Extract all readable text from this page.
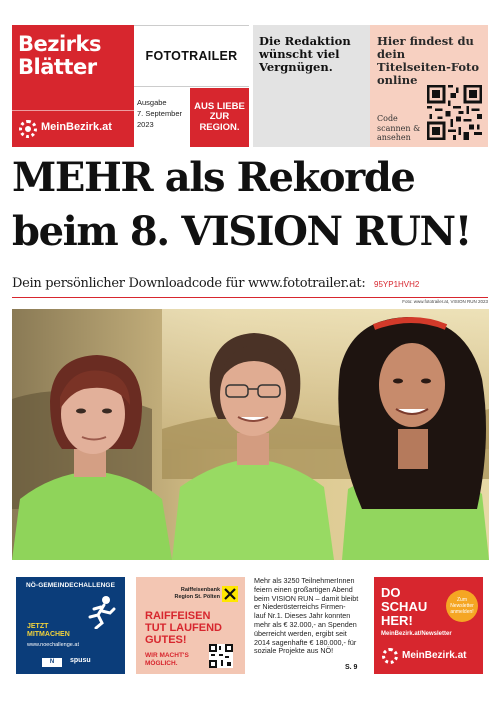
Bezirks Blätter
MeinBezirk.at
FOTOTRAILER
Ausgabe
7. September 2023
AUS LIEBE ZUR REGION.
Die Redaktion wünscht viel Vergnügen.
Hier findest du dein Titelseiten-Foto online
Code scannen & ansehen
MEHR als Rekorde
beim 8. VISION RUN!
Dein persönlicher Downloadcode für www.fototrailer.at: 95YP1HVH2
Foto: www.fototrailer.at, VISION RUN 2023
NÖ-GEMEINDECHALLENGE
JETZT
MITMACHEN
www.noechallenge.at
N	spusu
Raiffeisenbank
Region St. Pölten
RAIFFEISEN
TUT LAUFEND
GUTES!
WIR MACHT'S
MÖGLICH.
Mehr als 3250 TeilnehmerInnen
feiern einen großartigen Abend
beim VISION RUN – damit bleibt
er Niederösterreichs Firmen-
lauf Nr.1. Dieses Jahr konnten
mehr als € 32.000,- an Spenden
überreicht werden, ergibt seit
2014 sagenhafte € 180.000,- für
soziale Projekte aus NÖ!
S. 9
DO
SCHAU
HER!
Zum Newsletter anmelden!
MeinBezirk.at/Newsletter
MeinBezirk.at
